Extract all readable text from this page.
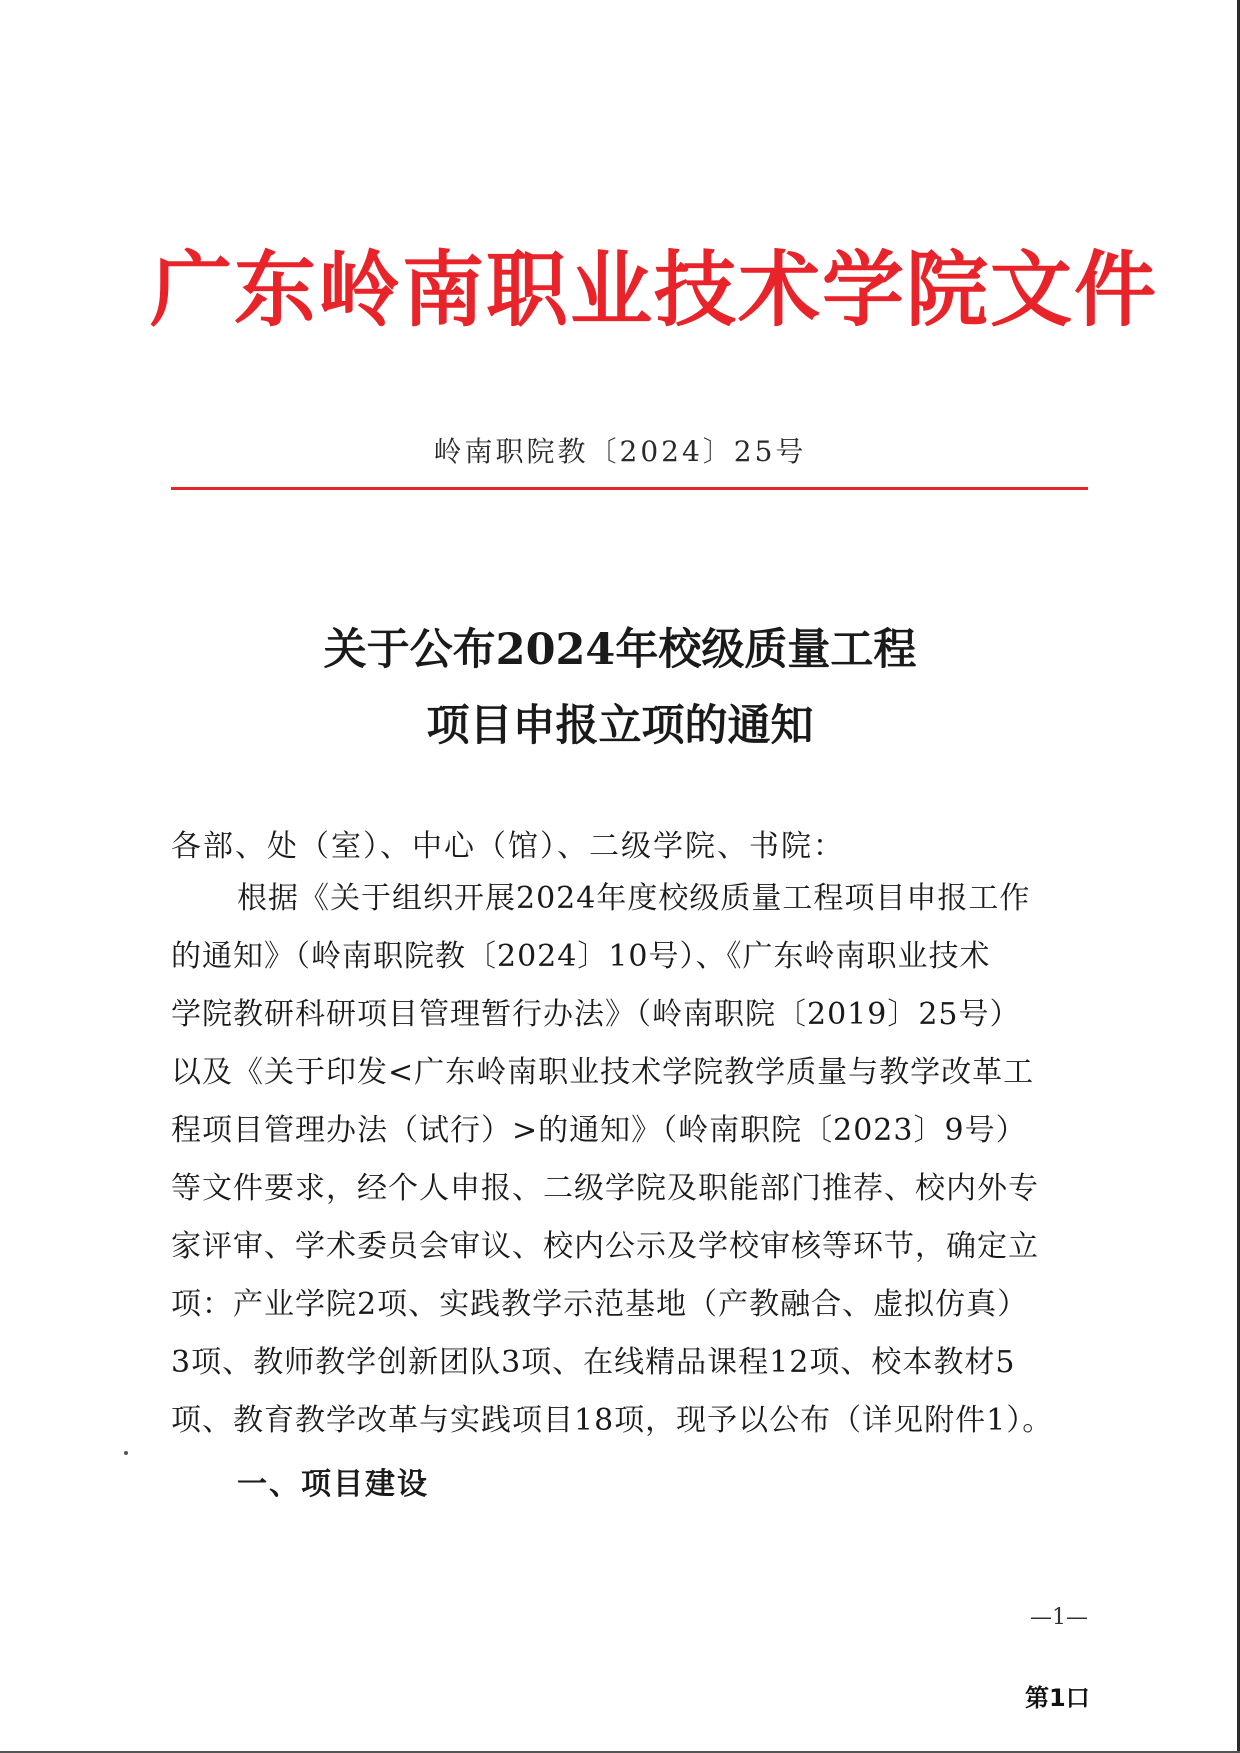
广东岭南职业技术学院文件
岭南职院教〔2024〕25号
关于公布2024年校级质量工程
项目申报立项的通知
各部、处（室）、中心（馆）、二级学院、书院：
根据《关于组织开展2024年度校级质量工程项目申报工作
的通知》（岭南职院教〔2024〕10号）、《广东岭南职业技术
学院教研科研项目管理暂行办法》（岭南职院〔2019〕25号）
以及《关于印发<广东岭南职业技术学院教学质量与教学改革工
程项目管理办法（试行）>的通知》（岭南职院〔2023〕9号）
等文件要求，经个人申报、二级学院及职能部门推荐、校内外专
家评审、学术委员会审议、校内公示及学校审核等环节，确定立
项：产业学院2项、实践教学示范基地（产教融合、虚拟仿真）
3项、教师教学创新团队3项、在线精品课程12项、校本教材5
项、教育教学改革与实践项目18项，现予以公布（详见附件1）。
一、项目建设
—1—
第1口
